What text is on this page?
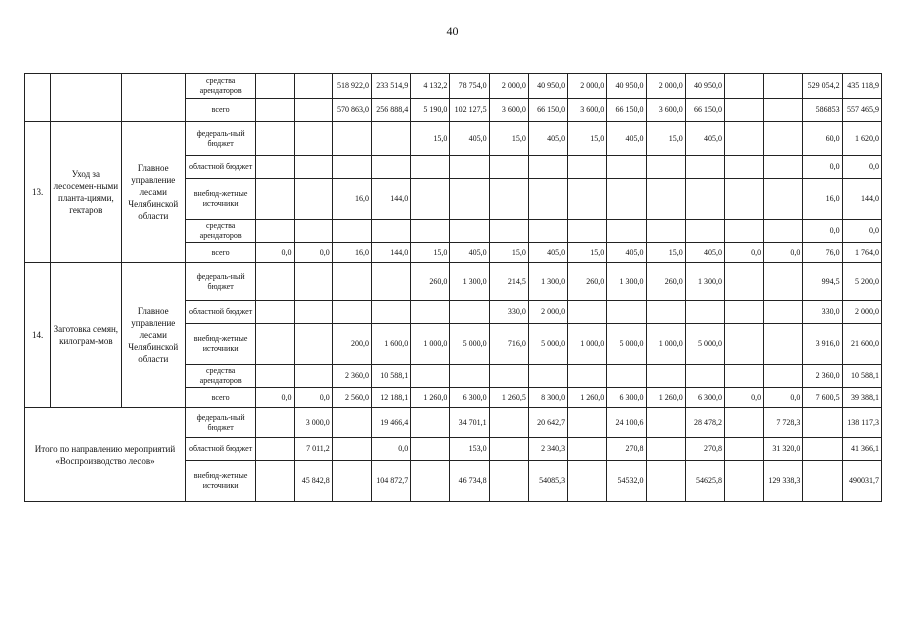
40
			средства арендаторов			518 922,0	233 514,9	4 132,2	78 754,0	2 000,0	40 950,0	2 000,0	40 950,0	2 000,0	40 950,0			529 054,2	435 118,9
			всего			570 863,0	256 888,4	5 190,0	102 127,5	3 600,0	66 150,0	3 600,0	66 150,0	3 600,0	66 150,0			586853	557 465,9
13.	Уход за лесосемен-ными планта-циями, гектаров	Главное управление лесами Челябинской области	федераль-ный бюджет					15,0	405,0	15,0	405,0	15,0	405,0	15,0	405,0			60,0	1 620,0
			областной бюджет															0,0	0,0
			внебюд-жетные источники			16,0	144,0											16,0	144,0
			средства арендаторов															0,0	0,0
			всего	0,0	0,0	16,0	144,0	15,0	405,0	15,0	405,0	15,0	405,0	15,0	405,0	0,0	0,0	76,0	1 764,0
14.	Заготовка семян, килограм-мов	Главное управление лесами Челябинской области	федераль-ный бюджет					260,0	1 300,0	214,5	1 300,0	260,0	1 300,0	260,0	1 300,0			994,5	5 200,0
			областной бюджет							330,0	2 000,0							330,0	2 000,0
			внебюд-жетные источники			200,0	1 600,0	1 000,0	5 000,0	716,0	5 000,0	1 000,0	5 000,0	1 000,0	5 000,0			3 916,0	21 600,0
			средства арендаторов			2 360,0	10 588,1											2 360,0	10 588,1
			всего	0,0	0,0	2 560,0	12 188,1	1 260,0	6 300,0	1 260,5	8 300,0	1 260,0	6 300,0	1 260,0	6 300,0	0,0	0,0	7 600,5	39 388,1
Итого по направлению мероприятий «Воспроизводство лесов»			федераль-ный бюджет		3 000,0		19 466,4		34 701,1		20 642,7		24 100,6		28 478,2		7 728,3		138 117,3
			областной бюджет		7 011,2		0,0		153,0		2 340,3		270,8		270,8		31 320,0		41 366,1
			внебюд-жетные источники		45 842,8		104 872,7		46 734,8		54085,3		54532,0		54625,8		129 338,3		490031,7
